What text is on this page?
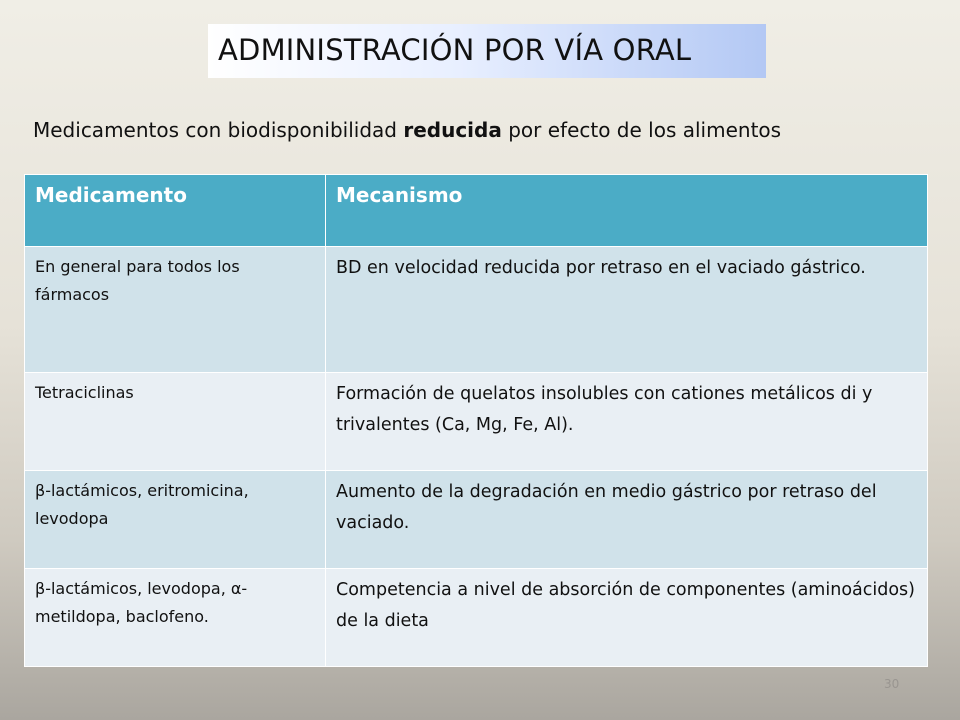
ADMINISTRACIÓN POR VÍA ORAL
Medicamentos con biodisponibilidad reducida por efecto de los alimentos
Medicamento	Mecanismo
En general para todos los fármacos	BD en velocidad reducida por retraso en el vaciado gástrico.
Tetraciclinas	Formación de quelatos insolubles con cationes metálicos di y trivalentes (Ca, Mg, Fe, Al).
β-lactámicos, eritromicina, levodopa	Aumento de la degradación en medio gástrico por retraso del vaciado.
β-lactámicos, levodopa, α-metildopa, baclofeno.	Competencia a nivel de absorción de componentes (aminoácidos) de la dieta
30
